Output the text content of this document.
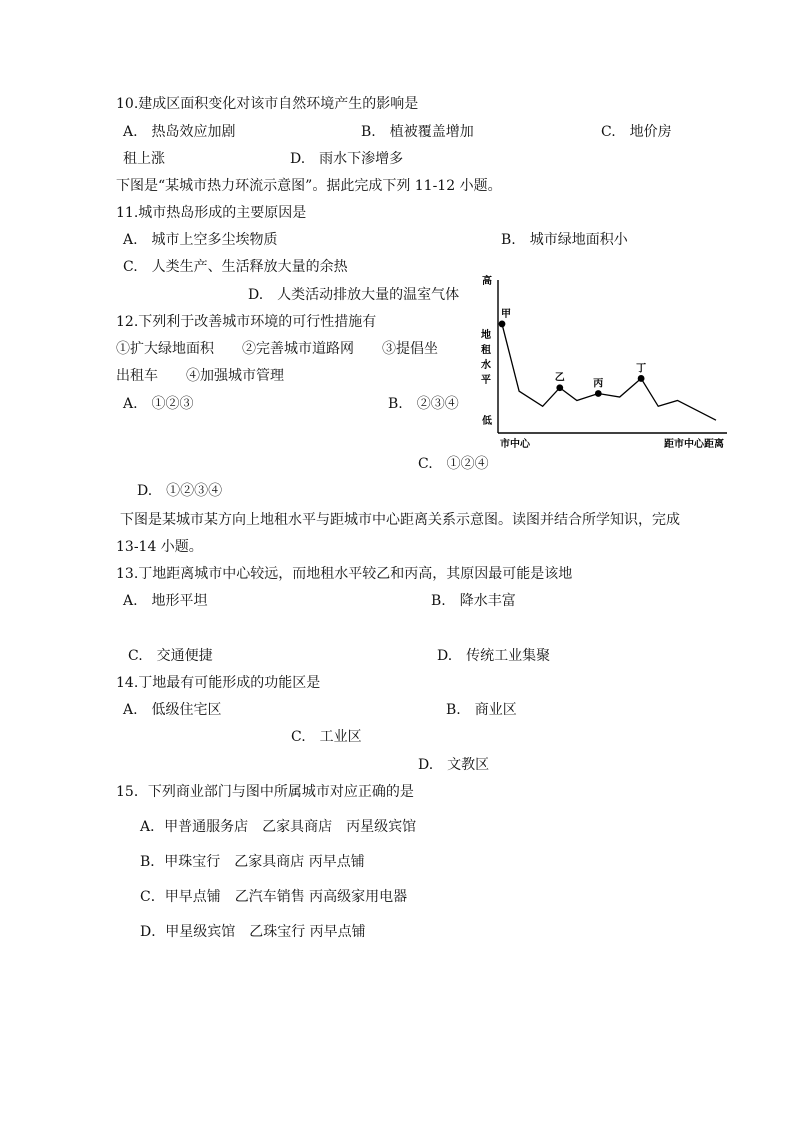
10.建成区面积变化对该市自然环境产生的影响是
A.　热岛效应加剧	B.　植被覆盖增加	C.　地价房
租上涨	D.　雨水下渗增多
下图是“某城市热力环流示意图”。据此完成下列 11-12 小题。
11.城市热岛形成的主要原因是
A.　城市上空多尘埃物质	B.　城市绿地面积小
C.　人类生产、生活释放大量的余热
D.　人类活动排放大量的温室气体
12.下列利于改善城市环境的可行性措施有
①扩大绿地面积　　②完善城市道路网　　③提倡坐
出租车　　④加强城市管理
A.　①②③	B.　②③④
C.　①②④
D.　①②③④
高
低
地
租
水
平
市中心	距市中心距离
甲
乙
丙
丁
下图是某城市某方向上地租水平与距城市中心距离关系示意图。读图并结合所学知识，完成
13-14 小题。
13.丁地距离城市中心较远，而地租水平较乙和丙高，其原因最可能是该地
A.　地形平坦	B.　降水丰富
C.　交通便捷	D.　传统工业集聚
14.丁地最有可能形成的功能区是
A.　低级住宅区	B.　商业区
C.　工业区
D.　文教区
15．下列商业部门与图中所属城市对应正确的是
A．甲普通服务店　乙家具商店　丙星级宾馆
B．甲珠宝行　乙家具商店 丙早点铺
C．甲早点铺　乙汽车销售 丙高级家用电器
D．甲星级宾馆　乙珠宝行 丙早点铺
